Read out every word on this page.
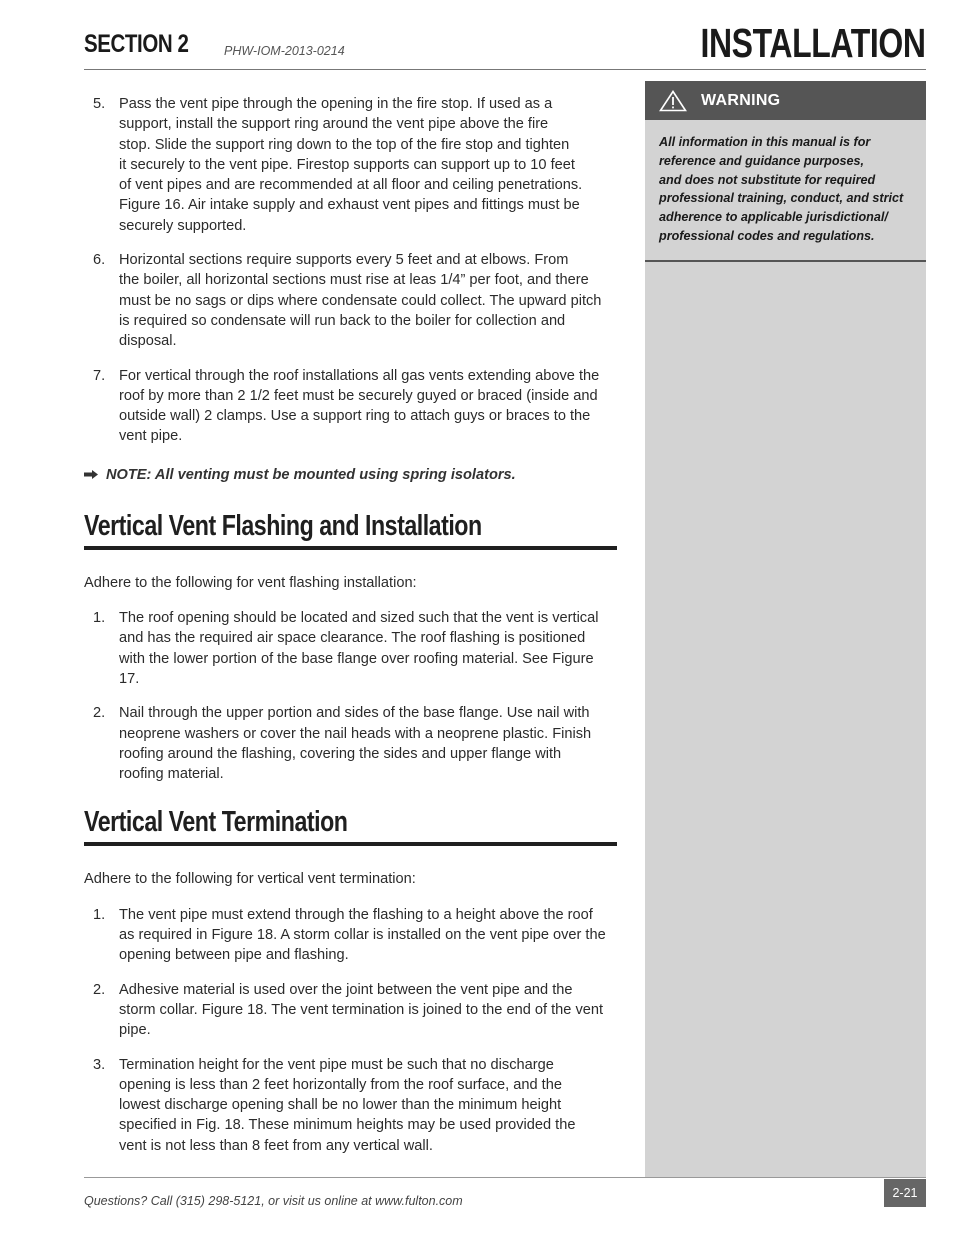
SECTION 2	PHW-IOM-2013-0214	INSTALLATION
WARNING
All information in this manual is for
reference and guidance purposes,
and does not substitute for required
professional training, conduct, and strict
adherence to applicable jurisdictional/
professional codes and regulations.
5. Pass the vent pipe through the opening in the fire stop. If used as a
support, install the support ring around the vent pipe above the fire
stop. Slide the support ring down to the top of the fire stop and tighten
it securely to the vent pipe. Firestop supports can support up to 10 feet
of vent pipes and are recommended at all floor and ceiling penetrations.
Figure 16. Air intake supply and exhaust vent pipes and fittings must be
securely supported.
6. Horizontal sections require supports every 5 feet and at elbows. From
the boiler, all horizontal sections must rise at leas 1/4” per foot, and there
must be no sags or dips where condensate could collect. The upward pitch
is required so condensate will run back to the boiler for collection and
disposal.
7. For vertical through the roof installations all gas vents extending above the
roof by more than 2 1/2 feet must be securely guyed or braced (inside and
outside wall) 2 clamps. Use a support ring to attach guys or braces to the
vent pipe.
NOTE: All venting must be mounted using spring isolators.
Vertical Vent Flashing and Installation
Adhere to the following for vent flashing installation:
1. The roof opening should be located and sized such that the vent is vertical
and has the required air space clearance. The roof flashing is positioned
with the lower portion of the base flange over roofing material. See Figure
17.
2. Nail through the upper portion and sides of the base flange. Use nail with
neoprene washers or cover the nail heads with a neoprene plastic. Finish
roofing around the flashing, covering the sides and upper flange with
roofing material.
Vertical Vent Termination
Adhere to the following for vertical vent termination:
1. The vent pipe must extend through the flashing to a height above the roof
as required in Figure 18. A storm collar is installed on the vent pipe over the
opening between pipe and flashing.
2. Adhesive material is used over the joint between the vent pipe and the
storm collar. Figure 18. The vent termination is joined to the end of the vent
pipe.
3. Termination height for the vent pipe must be such that no discharge
opening is less than 2 feet horizontally from the roof surface, and the
lowest discharge opening shall be no lower than the minimum height
specified in Fig. 18. These minimum heights may be used provided the
vent is not less than 8 feet from any vertical wall.
Questions? Call (315) 298-5121, or visit us online at www.fulton.com
2-21
